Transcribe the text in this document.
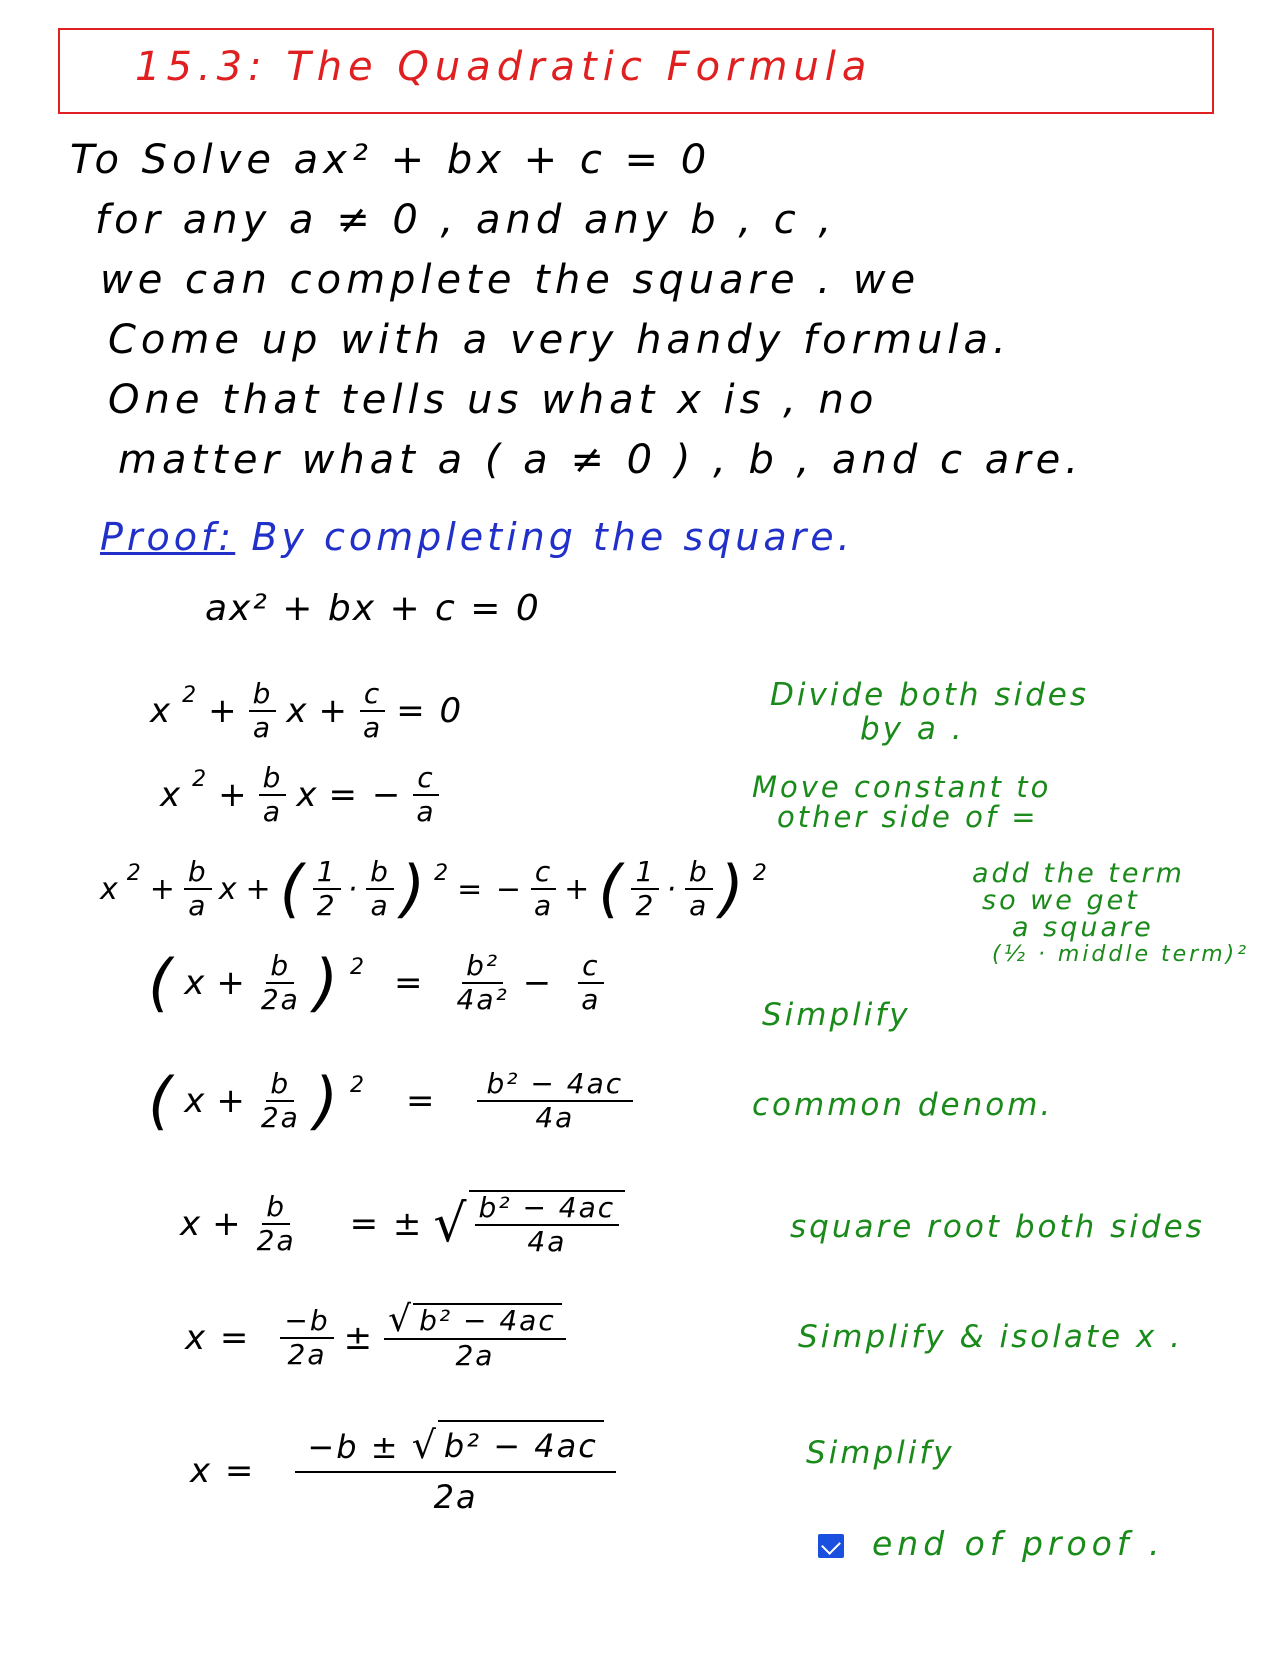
15.3: The Quadratic Formula
To Solve ax² + bx + c = 0
for any a ≠ 0 , and any b , c ,
we can complete the square . we
Come up with a very handy formula.
One that tells us what x is , no
matter what a ( a ≠ 0 ) , b , and c are.
Proof: By completing the square.
ax² + bx + c = 0
x $2 + \frac{b}{a}$ $x + \frac{c}{a} = 0$
x $2 + \frac{b}{a}$ x = − $\frac{c}{a}$
x $2 + \frac{b}{a}$ x + ( $\frac{1}{2} \cdot \frac{b}{a}$ ) 2 = − $\frac{c}{a}$ + ( $\frac{1}{2} \cdot \frac{b}{a}$ ) 2
( $x + \frac{b}{2a}$ ) $2 = \frac{\text{b²}}{\text{4a²}} - \frac{c}{a}$
( $x + \frac{b}{2a}$ ) $2 = \frac{\text{b² − 4ac}}{4a}$
$x + \frac{b}{2a}$ = ± √ $\frac{\text{b² − 4ac}}{4a}$
$x = \frac{-b}{2a} \pm \frac{\text{√ b² − 4ac}}{2a}$
$x = \frac{\text{−b ± √ b² − 4ac}}{2a}$
Divide both sides
by a .
Move constant to
other side of =
add the term
so we get
a square
(½ · middle term)²
Simplify
common denom.
square root both sides
Simplify & isolate x .
Simplify
end of proof .
